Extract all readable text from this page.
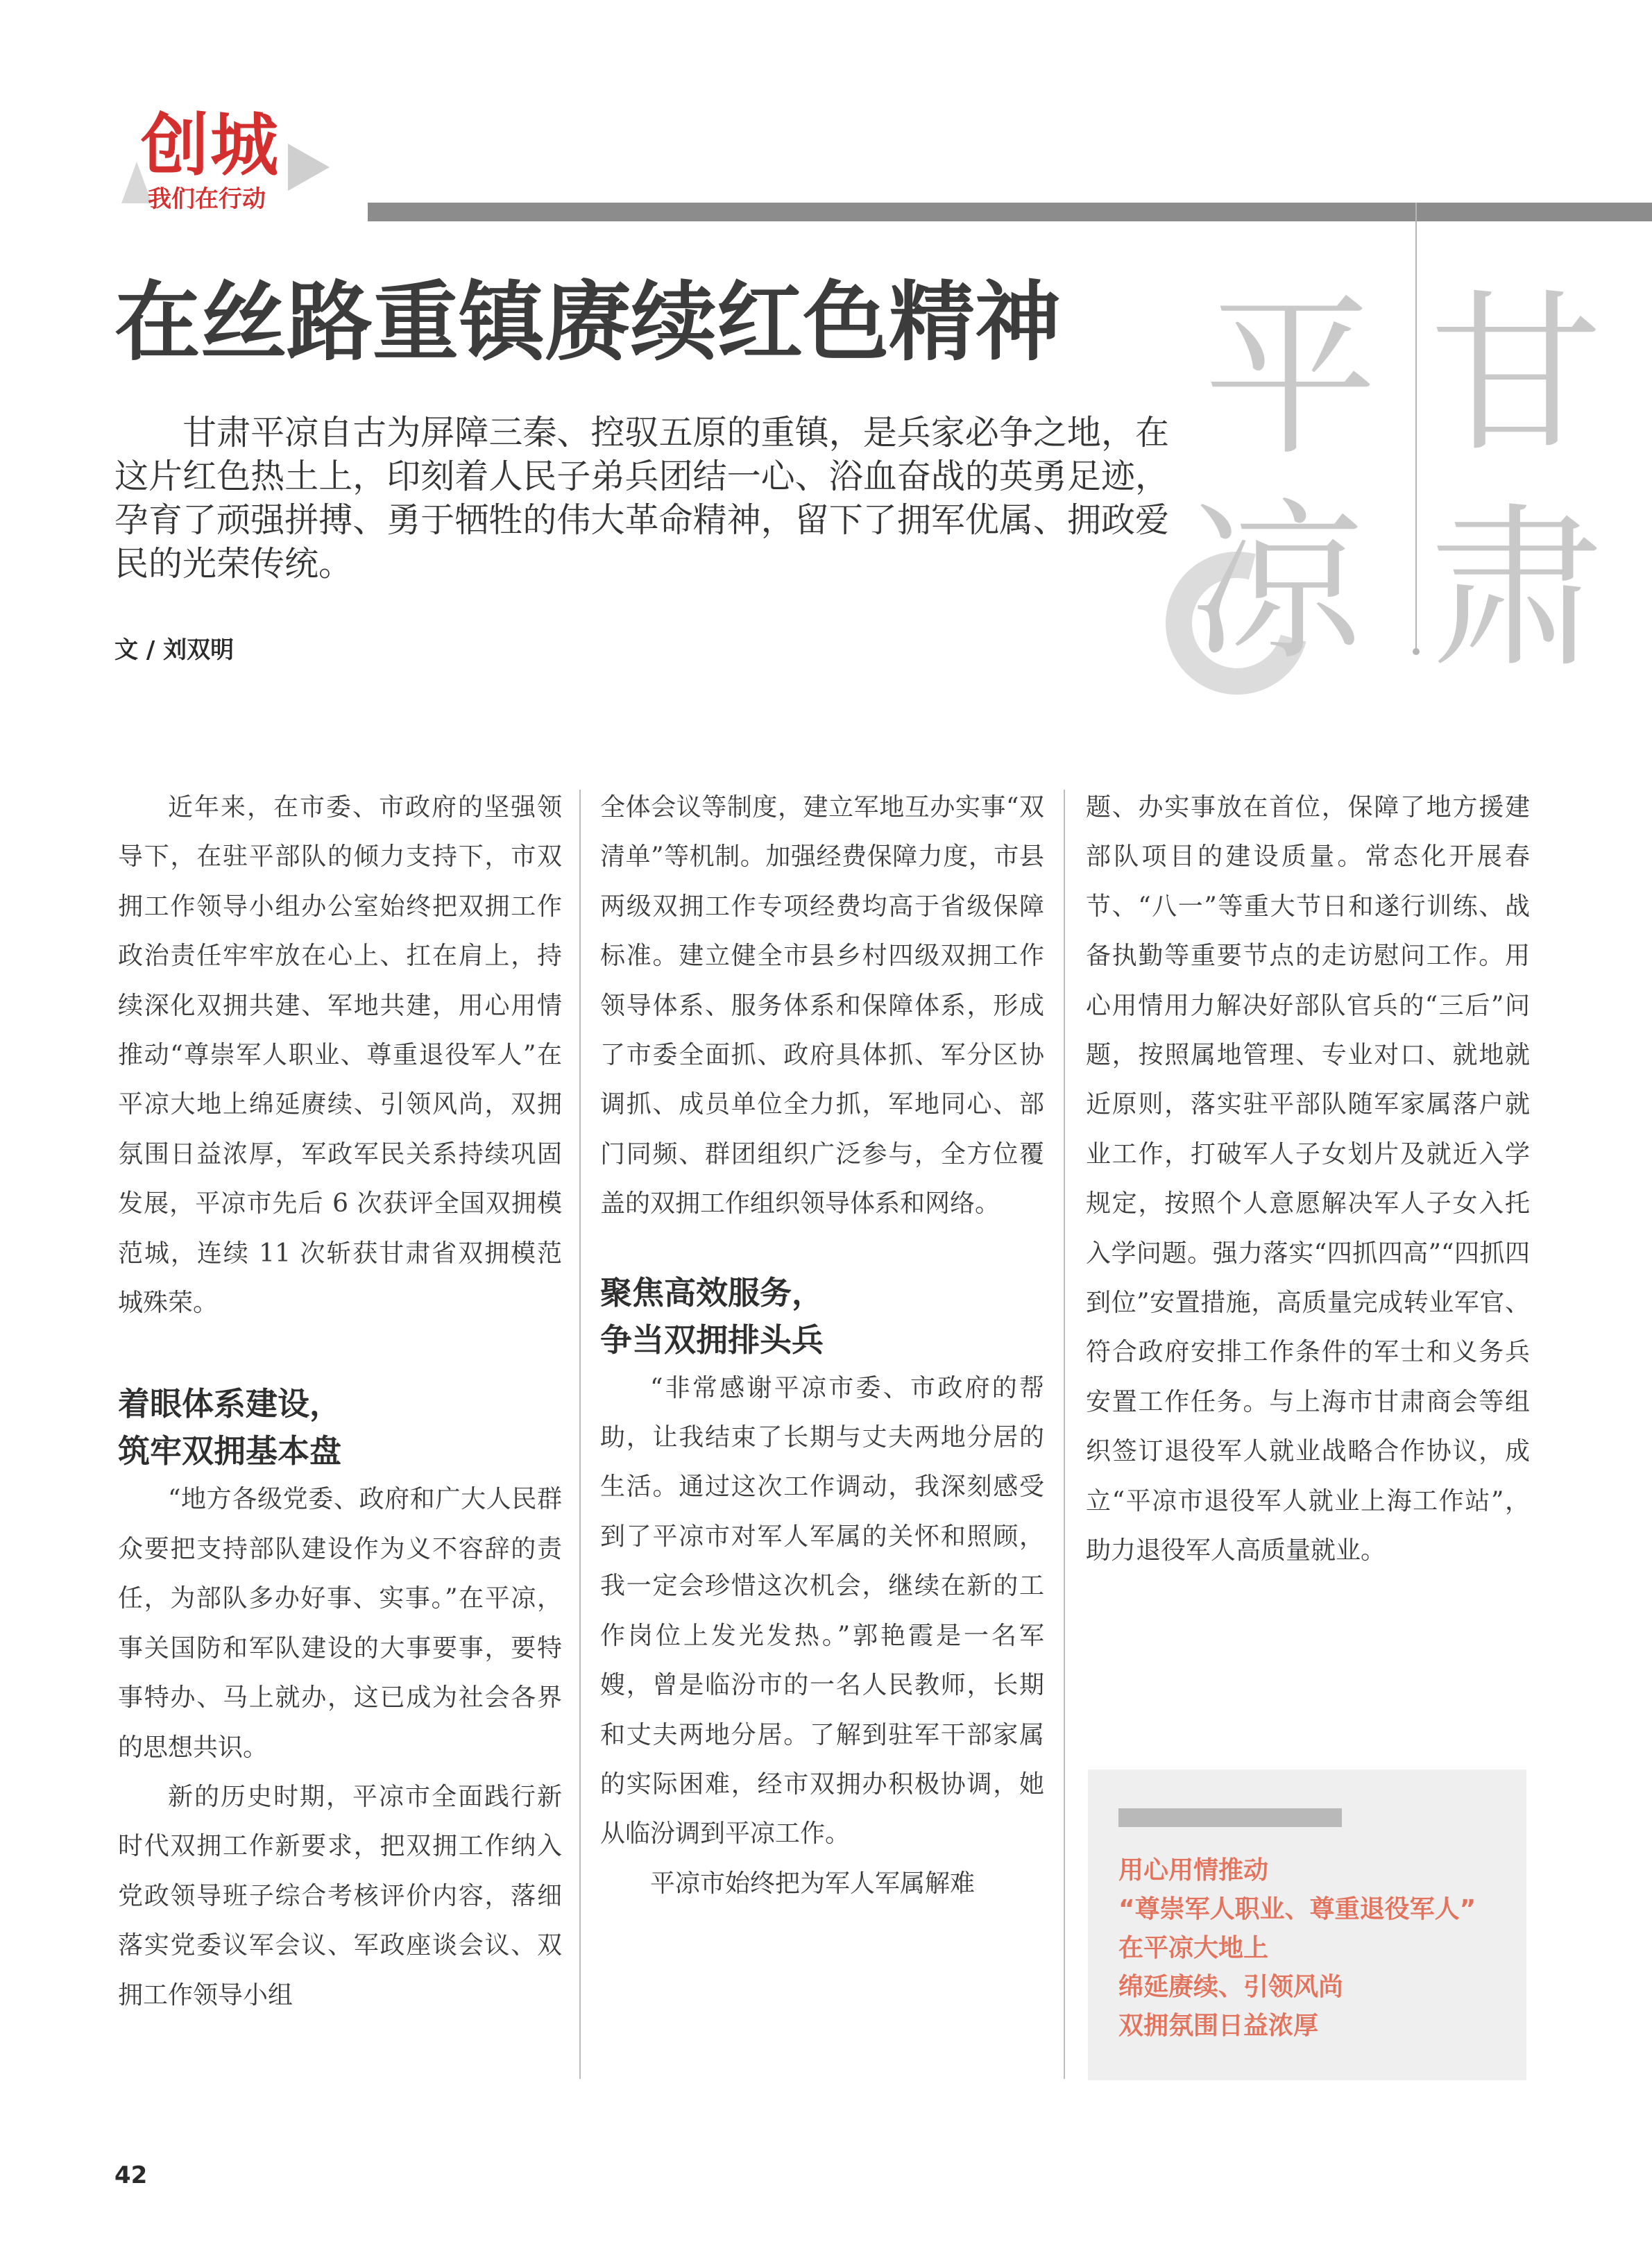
创城
我们在行动
平
凉
甘
肃
在丝路重镇赓续红色精神

甘肃平凉自古为屏障三秦、控驭五原的重镇，是兵家必争之地，在这片红色热土上，印刻着人民子弟兵团结一心、浴血奋战的英勇足迹，孕育了顽强拼搏、勇于牺牲的伟大革命精神，留下了拥军优属、拥政爱民的光荣传统。

文 / 刘双明

近年来，在市委、市政府的坚强领导下，在驻平部队的倾力支持下，市双拥工作领导小组办公室始终把双拥工作政治责任牢牢放在心上、扛在肩上，持续深化双拥共建、军地共建，用心用情推动“尊崇军人职业、尊重退役军人”在平凉大地上绵延赓续、引领风尚，双拥氛围日益浓厚，军政军民关系持续巩固发展，平凉市先后 6 次获评全国双拥模范城，连续 11 次斩获甘肃省双拥模范城殊荣。

着眼体系建设，

筑牢双拥基本盘

“地方各级党委、政府和广大人民群众要把支持部队建设作为义不容辞的责任，为部队多办好事、实事。”在平凉，事关国防和军队建设的大事要事，要特事特办、马上就办，这已成为社会各界的思想共识。

新的历史时期，平凉市全面践行新时代双拥工作新要求，把双拥工作纳入党政领导班子综合考核评价内容，落细落实党委议军会议、军政座谈会议、双拥工作领导小组

全体会议等制度，建立军地互办实事“双清单”等机制。加强经费保障力度，市县两级双拥工作专项经费均高于省级保障标准。建立健全市县乡村四级双拥工作领导体系、服务体系和保障体系，形成了市委全面抓、政府具体抓、军分区协调抓、成员单位全力抓，军地同心、部门同频、群团组织广泛参与，全方位覆盖的双拥工作组织领导体系和网络。

聚焦高效服务，

争当双拥排头兵

“非常感谢平凉市委、市政府的帮助，让我结束了长期与丈夫两地分居的生活。通过这次工作调动，我深刻感受到了平凉市对军人军属的关怀和照顾，我一定会珍惜这次机会，继续在新的工作岗位上发光发热。”郭艳霞是一名军嫂，曾是临汾市的一名人民教师，长期和丈夫两地分居。了解到驻军干部家属的实际困难，经市双拥办积极协调，她从临汾调到平凉工作。

平凉市始终把为军人军属解难

题、办实事放在首位，保障了地方援建部队项目的建设质量。常态化开展春节、“八一”等重大节日和遂行训练、战备执勤等重要节点的走访慰问工作。用心用情用力解决好部队官兵的“三后”问题，按照属地管理、专业对口、就地就近原则，落实驻平部队随军家属落户就业工作，打破军人子女划片及就近入学规定，按照个人意愿解决军人子女入托入学问题。强力落实“四抓四高”“四抓四到位”安置措施，高质量完成转业军官、符合政府安排工作条件的军士和义务兵安置工作任务。与上海市甘肃商会等组织签订退役军人就业战略合作协议，成立“平凉市退役军人就业上海工作站”，助力退役军人高质量就业。

用心用情推动
“尊崇军人职业、尊重退役军人”
在平凉大地上
绵延赓续、引领风尚
双拥氛围日益浓厚
42
